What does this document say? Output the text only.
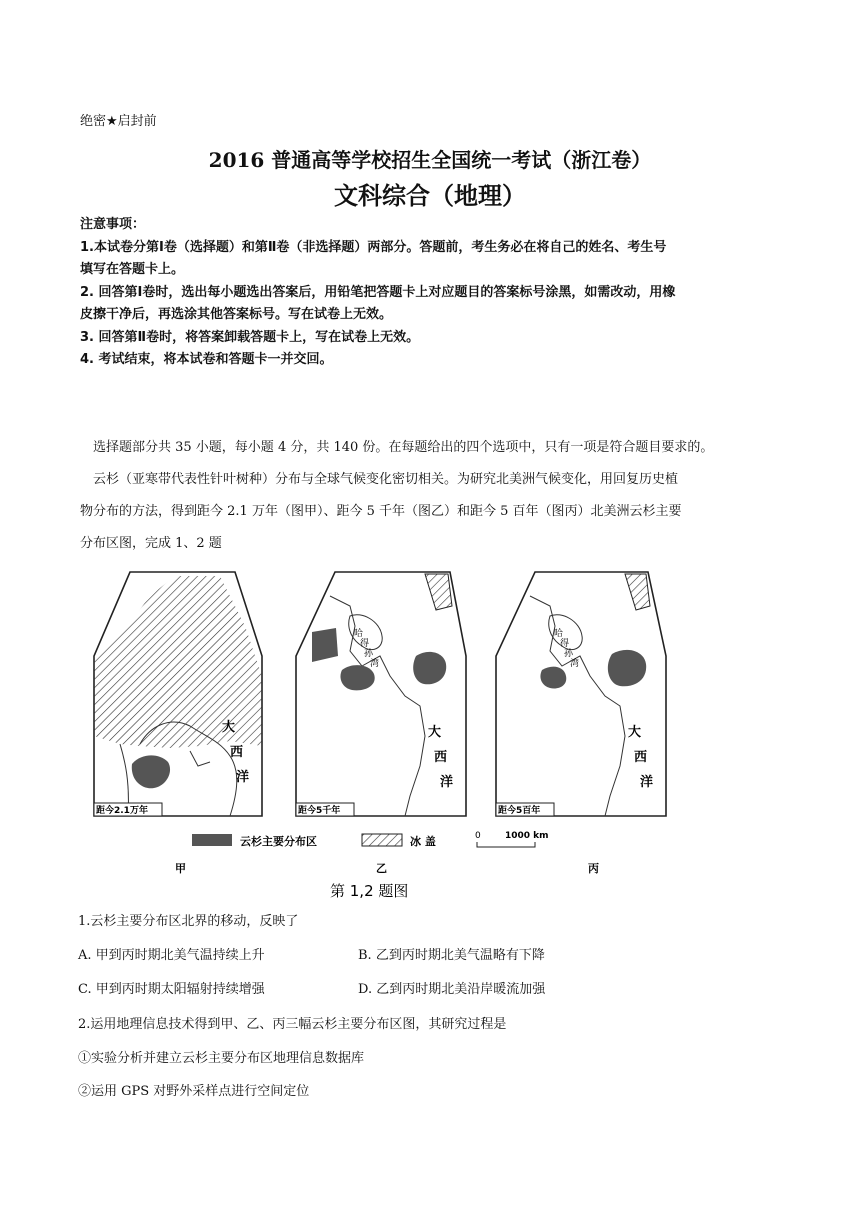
绝密★启封前
2016 普通高等学校招生全国统一考试（浙江卷）
文科综合（地理）
注意事项：
1.本试卷分第Ⅰ卷（选择题）和第Ⅱ卷（非选择题）两部分。答题前，考生务必在将自己的姓名、考生号
填写在答题卡上。
2. 回答第Ⅰ卷时，选出每小题选出答案后，用铅笔把答题卡上对应题目的答案标号涂黑，如需改动，用橡
皮擦干净后，再选涂其他答案标号。写在试卷上无效。
3. 回答第Ⅱ卷时，将答案卸载答题卡上，写在试卷上无效。
4. 考试结束，将本试卷和答题卡一并交回。
选择题部分共 35 小题，每小题 4 分，共 140 份。在每题给出的四个选项中，只有一项是符合题目要求的。
云杉（亚寒带代表性针叶树种）分布与全球气候变化密切相关。为研究北美洲气候变化，用回复历史植
物分布的方法，得到距今 2.1 万年（图甲）、距今 5 千年（图乙）和距今 5 百年（图丙）北美洲云杉主要
分布区图，完成 1、2 题
大
西
洋
距今2.1万年
哈
得
孙
湾
大
西
洋
距今5千年
哈
得
孙
湾
大
西
洋
距今5百年
云杉主要分布区	冰 盖	0	1000 km
甲	乙	丙
第 1,2 题图
1.云杉主要分布区北界的移动，反映了
A. 甲到丙时期北美气温持续上升	B. 乙到丙时期北美气温略有下降
C. 甲到丙时期太阳辐射持续增强	D. 乙到丙时期北美沿岸暖流加强
2.运用地理信息技术得到甲、乙、丙三幅云杉主要分布区图，其研究过程是
①实验分析并建立云杉主要分布区地理信息数据库
②运用 GPS 对野外采样点进行空间定位
